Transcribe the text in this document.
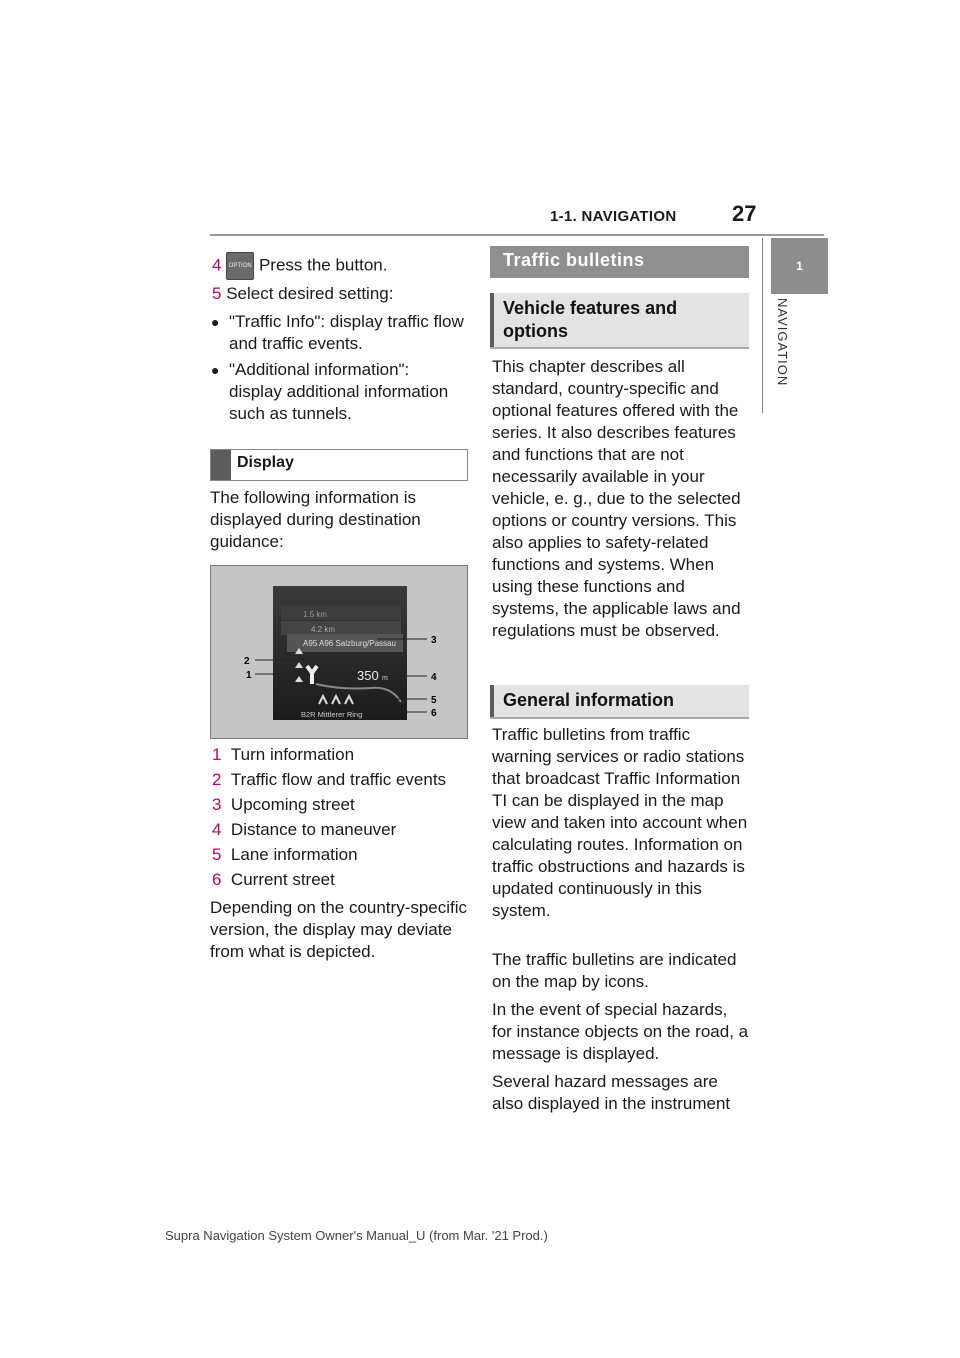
1-1. NAVIGATION	27
1
NAVIGATION
4 OPTION Press the button.
5 Select desired setting:
● "Traffic Info": display traffic flow and traffic events.
● "Additional information": display additional information such as tunnels.
Display
The following information is displayed during destination guidance:
1.5 km
4.2 km
A95 A96 Salzburg/Passau
350 m
B2R Mittlerer Ring
2
1
3
4
5
6
1 Turn information
2 Traffic flow and traffic events
3 Upcoming street
4 Distance to maneuver
5 Lane information
6 Current street
Depending on the country-specific version, the display may deviate from what is depicted.
Traffic bulletins
Vehicle features and options
This chapter describes all standard, country-specific and optional features offered with the series. It also describes features and functions that are not necessarily available in your vehicle, e. g., due to the selected options or country versions. This also applies to safety-related functions and systems. When using these functions and systems, the applicable laws and regulations must be observed.
General information
Traffic bulletins from traffic warning services or radio stations that broadcast Traffic Information TI can be displayed in the map view and taken into account when calculating routes. Information on traffic obstructions and hazards is updated continuously in this system.
The traffic bulletins are indicated on the map by icons.
In the event of special hazards, for instance objects on the road, a message is displayed.
Several hazard messages are also displayed in the instrument
Supra Navigation System Owner's Manual_U (from Mar. '21 Prod.)
